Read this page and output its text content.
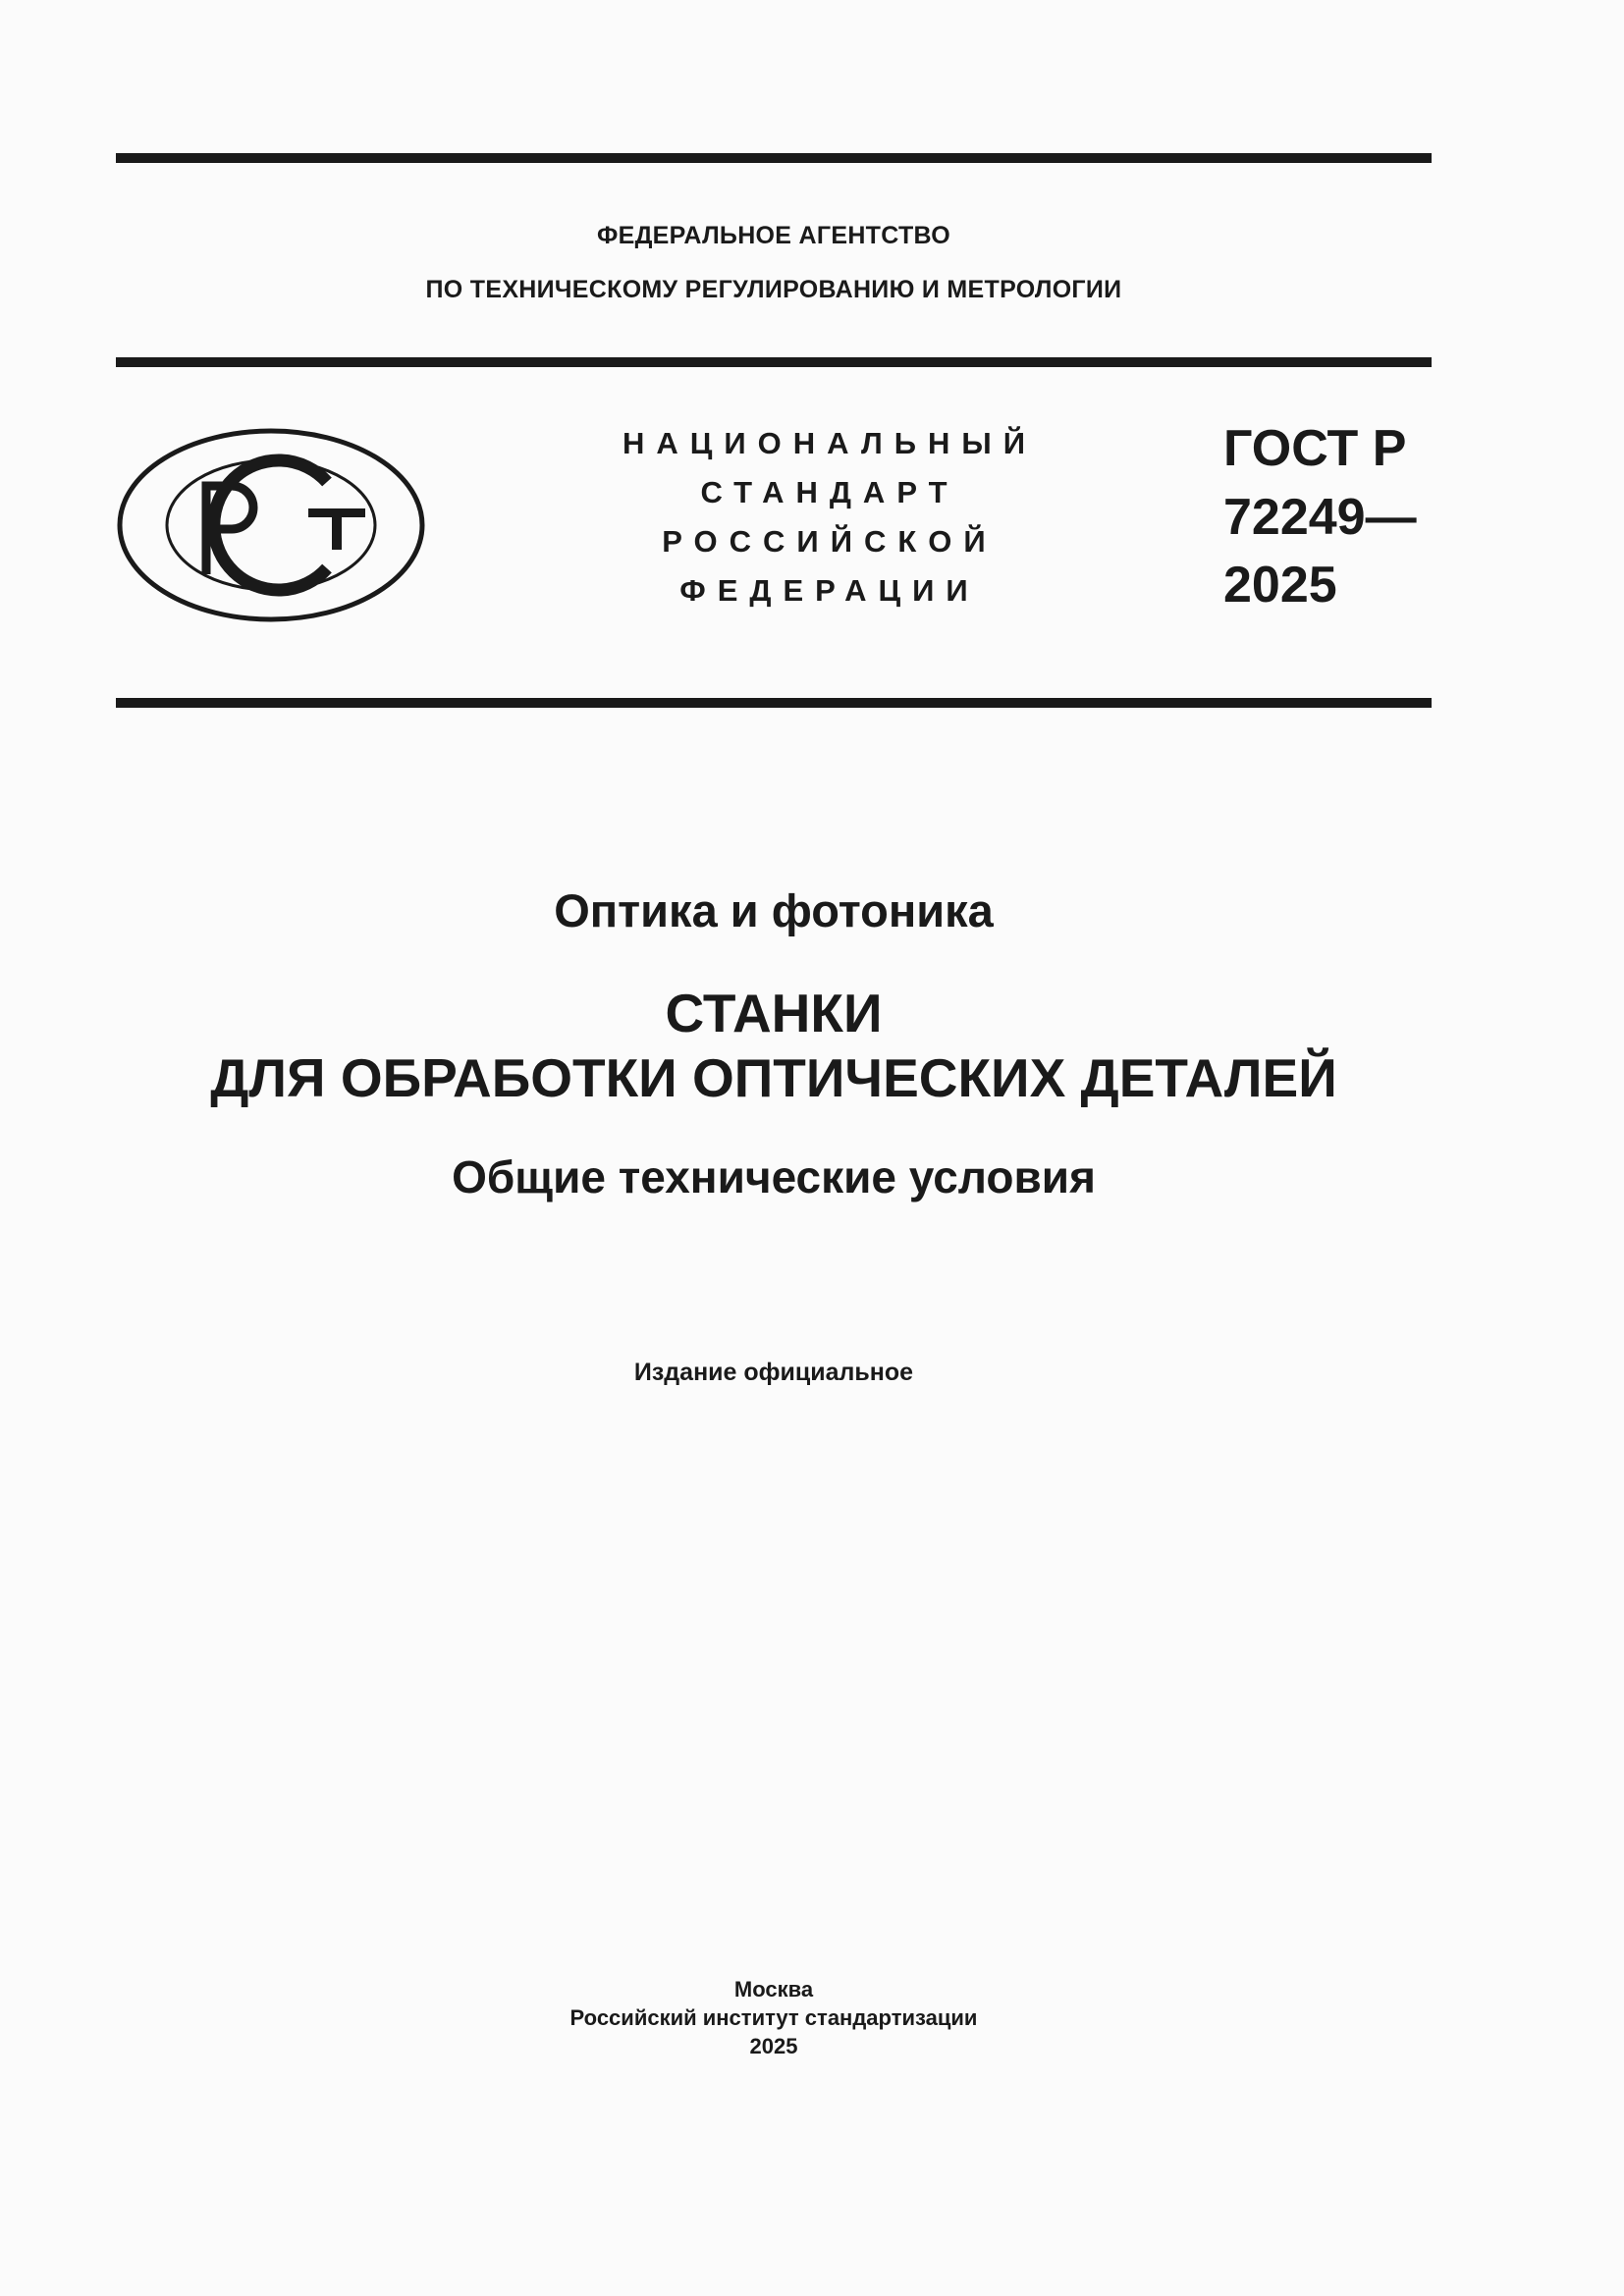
ФЕДЕРАЛЬНОЕ АГЕНТСТВО
ПО ТЕХНИЧЕСКОМУ РЕГУЛИРОВАНИЮ И МЕТРОЛОГИИ
НАЦИОНАЛЬНЫЙ
СТАНДАРТ
РОССИЙСКОЙ
ФЕДЕРАЦИИ
ГОСТ Р
72249—
2025
Оптика и фотоника
СТАНКИ
ДЛЯ ОБРАБОТКИ ОПТИЧЕСКИХ ДЕТАЛЕЙ
Общие технические условия
Издание официальное
Москва
Российский институт стандартизации
2025
